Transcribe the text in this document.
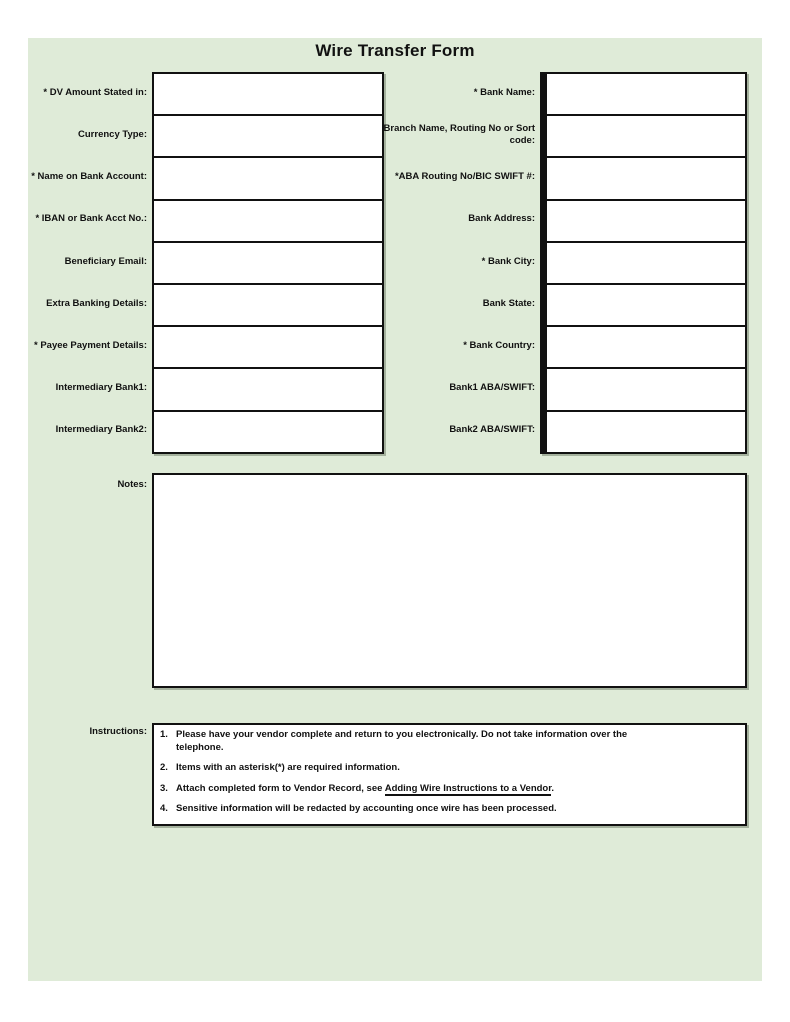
Wire Transfer Form
* DV Amount Stated in:
Currency Type:
* Name on Bank Account:
* IBAN or Bank Acct No.:
Beneficiary Email:
Extra Banking Details:
* Payee Payment Details:
Intermediary Bank1:
Intermediary Bank2:
* Bank Name:
Branch Name, Routing No or Sort code:
*ABA Routing No/BIC SWIFT #:
Bank Address:
* Bank City:
Bank State:
* Bank Country:
Bank1 ABA/SWIFT:
Bank2 ABA/SWIFT:
Notes:
Instructions:	1. Please have your vendor complete and return to you electronically. Do not take information over the telephone.
2. Items with an asterisk(*) are required information.
3. Attach completed form to Vendor Record, see Adding Wire Instructions to a Vendor.
4. Sensitive information will be redacted by accounting once wire has been processed.
